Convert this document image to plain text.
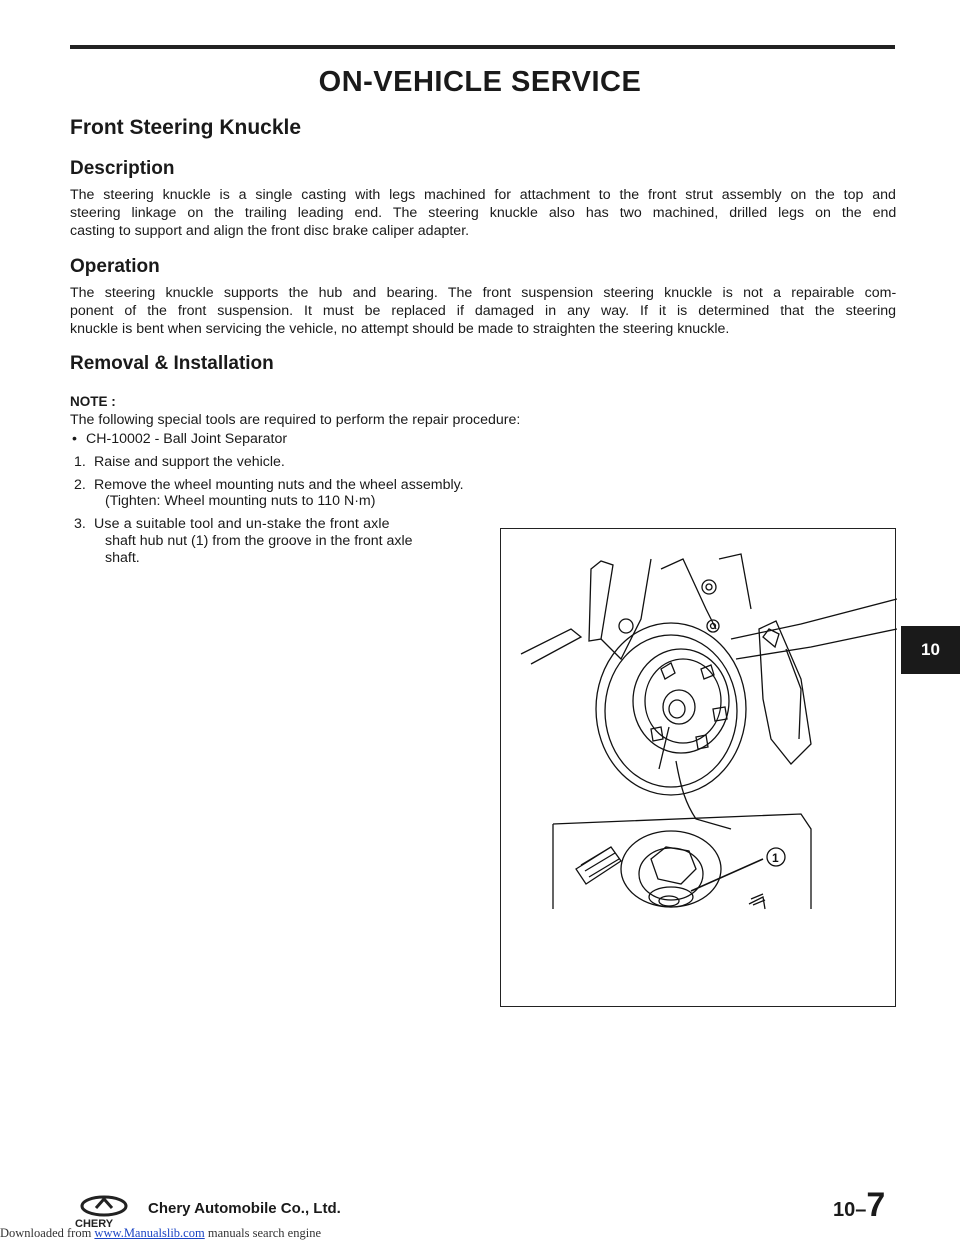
ON-VEHICLE SERVICE
Front Steering Knuckle
Description
The steering knuckle is a single casting with legs machined for attachment to the front strut assembly on the top and
steering linkage on the trailing leading end. The steering knuckle also has two machined, drilled legs on the end
casting to support and align the front disc brake caliper adapter.
Operation
The steering knuckle supports the hub and bearing. The front suspension steering knuckle is not a repairable com-
ponent of the front suspension. It must be replaced if damaged in any way. If it is determined that the steering
knuckle is bent when servicing the vehicle, no attempt should be made to straighten the steering knuckle.
Removal & Installation
NOTE :
The following special tools are required to perform the repair procedure:
• CH-10002 - Ball Joint Separator
1. Raise and support the vehicle.
2. Remove the wheel mounting nuts and the wheel assembly.
(Tighten: Wheel mounting nuts to 110 N·m)
3. Use a suitable tool and un-stake the front axle
shaft hub nut (1) from the groove in the front axle
shaft.
1
10
CHERY
Chery Automobile Co., Ltd.	10–7
Downloaded from www.Manualslib.com manuals search engine
